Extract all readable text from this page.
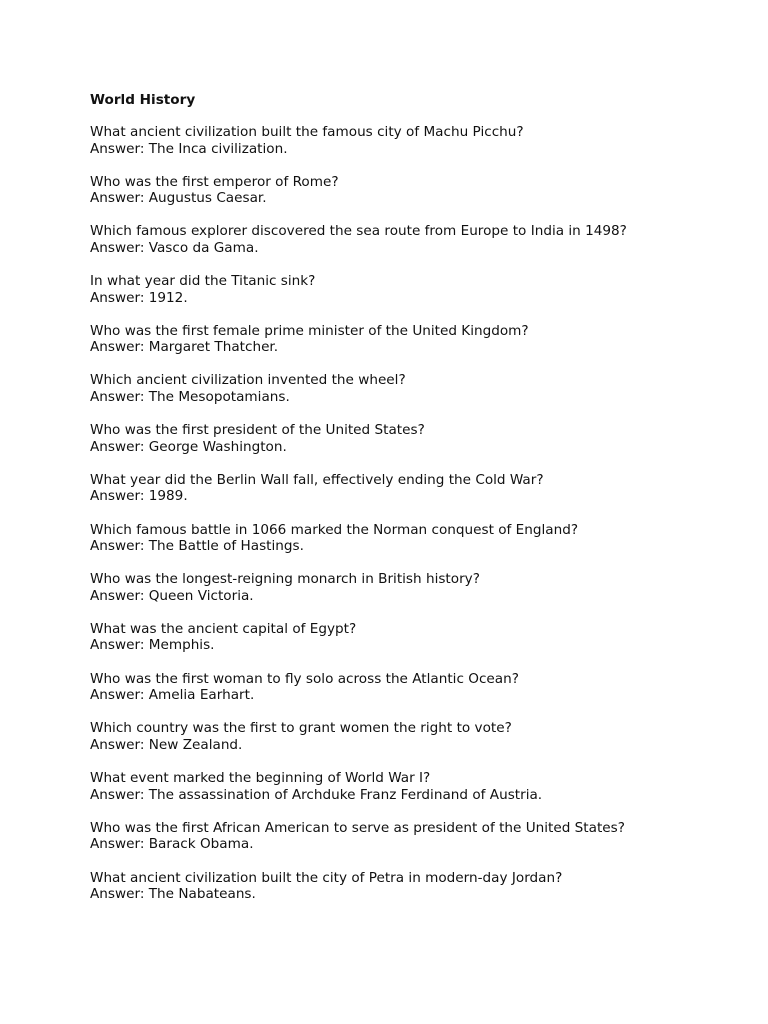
World History
What ancient civilization built the famous city of Machu Picchu?
Answer: The Inca civilization.
Who was the first emperor of Rome?
Answer: Augustus Caesar.
Which famous explorer discovered the sea route from Europe to India in 1498?
Answer: Vasco da Gama.
In what year did the Titanic sink?
Answer: 1912.
Who was the first female prime minister of the United Kingdom?
Answer: Margaret Thatcher.
Which ancient civilization invented the wheel?
Answer: The Mesopotamians.
Who was the first president of the United States?
Answer: George Washington.
What year did the Berlin Wall fall, effectively ending the Cold War?
Answer: 1989.
Which famous battle in 1066 marked the Norman conquest of England?
Answer: The Battle of Hastings.
Who was the longest-reigning monarch in British history?
Answer: Queen Victoria.
What was the ancient capital of Egypt?
Answer: Memphis.
Who was the first woman to fly solo across the Atlantic Ocean?
Answer: Amelia Earhart.
Which country was the first to grant women the right to vote?
Answer: New Zealand.
What event marked the beginning of World War I?
Answer: The assassination of Archduke Franz Ferdinand of Austria.
Who was the first African American to serve as president of the United States?
Answer: Barack Obama.
What ancient civilization built the city of Petra in modern-day Jordan?
Answer: The Nabateans.
